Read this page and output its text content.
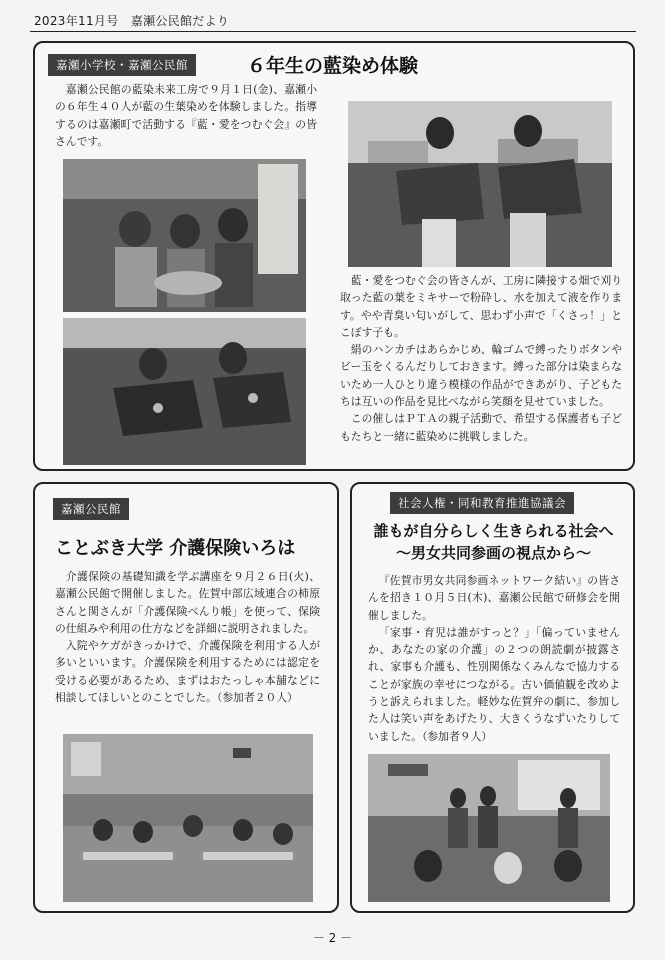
2023年11月号　嘉瀬公民館だより
嘉瀬小学校・嘉瀬公民館	６年生の藍染め体験
嘉瀬公民館の藍染未来工房で９月１日(金)、嘉瀬小の６年生４０人が藍の生葉染めを体験しました。指導するのは嘉瀬町で活動する『藍・愛をつむぐ会』の皆さんです。

藍・愛をつむぐ会の皆さんが、工房に隣接する畑で刈り取った藍の葉をミキサーで粉砕し、水を加えて液を作ります。やや青臭い匂いがして、思わず小声で「くさっ！」とこぼす子も。

絹のハンカチはあらかじめ、輪ゴムで縛ったりボタンやビー玉をくるんだりしておきます。縛った部分は染まらないため一人ひとり違う模様の作品ができあがり、子どもたちは互いの作品を見比べながら笑顔を見せていました。

この催しはＰＴＡの親子活動で、希望する保護者も子どもたちと一緒に藍染めに挑戦しました。

嘉瀬公民館
ことぶき大学 介護保険いろは

介護保険の基礎知識を学ぶ講座を９月２６日(火)、嘉瀬公民館で開催しました。佐賀中部広域連合の柿原さんと関さんが「介護保険べんり帳」を使って、保険の仕組みや利用の仕方などを詳細に説明されました。

入院やケガがきっかけで、介護保険を利用する人が多いといいます。介護保険を利用するためには認定を受ける必要があるため、まずはおたっしゃ本舗などに相談してほしいとのことでした。（参加者２０人）

社会人権・同和教育推進協議会
誰もが自分らしく生きられる社会へ
～男女共同参画の視点から～

『佐賀市男女共同参画ネットワーク結い』の皆さんを招き１０月５日(木)、嘉瀬公民館で研修会を開催しました。

「家事・育児は誰がすっと？」「偏っていませんか、あなたの家の介護」の２つの朗読劇が披露され、家事も介護も、性別関係なくみんなで協力することが家族の幸せにつながる。古い価値観を改めようと訴えられました。軽妙な佐賀弁の劇に、参加した人は笑い声をあげたり、大きくうなずいたりしていました。（参加者９人）

－ 2 －
